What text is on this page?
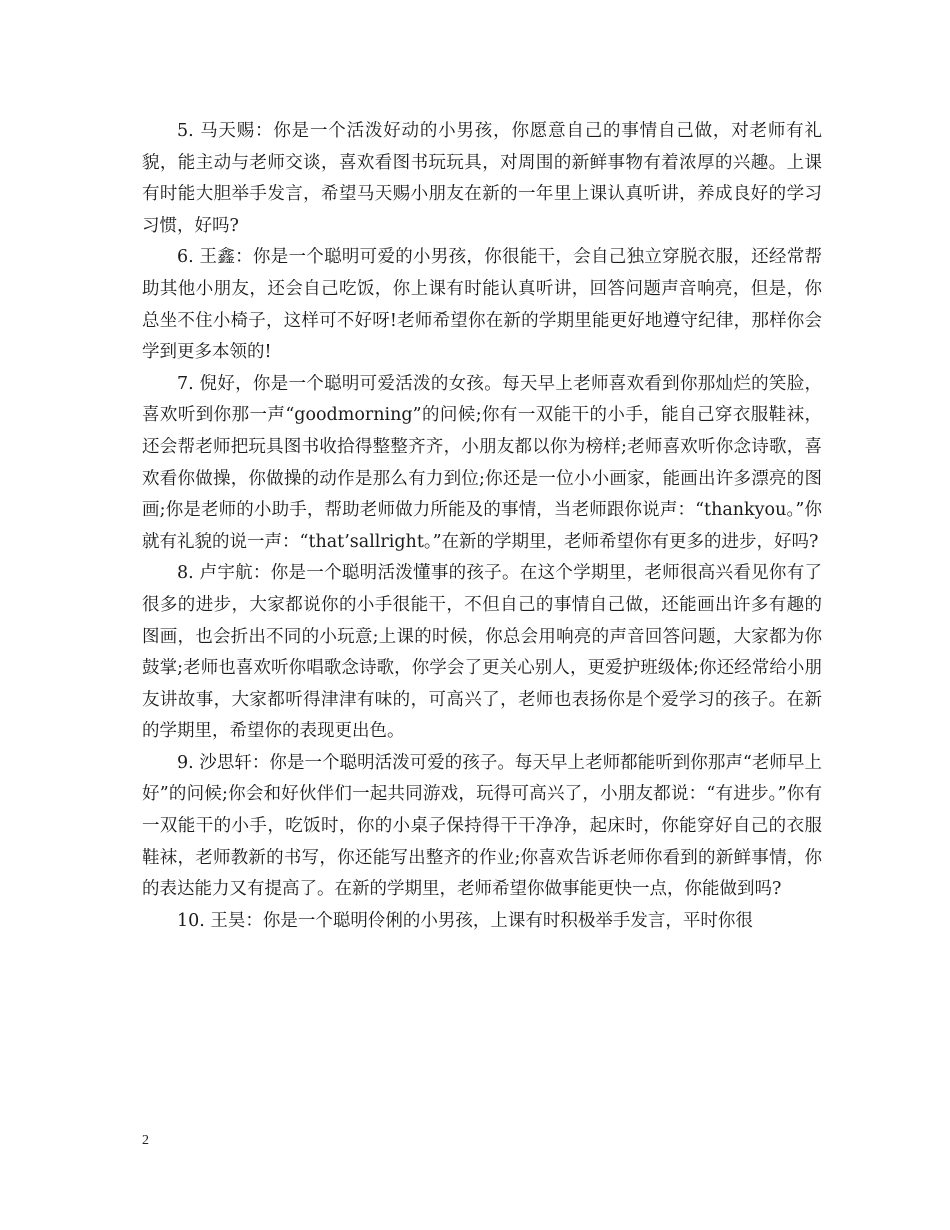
5. 马天赐：你是一个活泼好动的小男孩，你愿意自己的事情自己做，对老师有礼貌，能主动与老师交谈，喜欢看图书玩玩具，对周围的新鲜事物有着浓厚的兴趣。上课有时能大胆举手发言，希望马天赐小朋友在新的一年里上课认真听讲，养成良好的学习习惯，好吗?

6. 王鑫：你是一个聪明可爱的小男孩，你很能干，会自己独立穿脱衣服，还经常帮助其他小朋友，还会自己吃饭，你上课有时能认真听讲，回答问题声音响亮，但是，你总坐不住小椅子，这样可不好呀!老师希望你在新的学期里能更好地遵守纪律，那样你会学到更多本领的!

7. 倪好，你是一个聪明可爱活泼的女孩。每天早上老师喜欢看到你那灿烂的笑脸，喜欢听到你那一声“goodmorning”的问候;你有一双能干的小手，能自己穿衣服鞋袜，还会帮老师把玩具图书收拾得整整齐齐，小朋友都以你为榜样;老师喜欢听你念诗歌，喜欢看你做操，你做操的动作是那么有力到位;你还是一位小小画家，能画出许多漂亮的图画;你是老师的小助手，帮助老师做力所能及的事情，当老师跟你说声：“thankyou。”你就有礼貌的说一声：“that’sallright。”在新的学期里，老师希望你有更多的进步，好吗?

8. 卢宇航：你是一个聪明活泼懂事的孩子。在这个学期里，老师很高兴看见你有了很多的进步，大家都说你的小手很能干，不但自己的事情自己做，还能画出许多有趣的图画，也会折出不同的小玩意;上课的时候，你总会用响亮的声音回答问题，大家都为你鼓掌;老师也喜欢听你唱歌念诗歌，你学会了更关心别人，更爱护班级体;你还经常给小朋友讲故事，大家都听得津津有味的，可高兴了，老师也表扬你是个爱学习的孩子。在新的学期里，希望你的表现更出色。

9. 沙思轩：你是一个聪明活泼可爱的孩子。每天早上老师都能听到你那声“老师早上好”的问候;你会和好伙伴们一起共同游戏，玩得可高兴了，小朋友都说：“有进步。”你有一双能干的小手，吃饭时，你的小桌子保持得干干净净，起床时，你能穿好自己的衣服鞋袜，老师教新的书写，你还能写出整齐的作业;你喜欢告诉老师你看到的新鲜事情，你的表达能力又有提高了。在新的学期里，老师希望你做事能更快一点，你能做到吗?

10. 王昊：你是一个聪明伶俐的小男孩，上课有时积极举手发言，平时你很

2
